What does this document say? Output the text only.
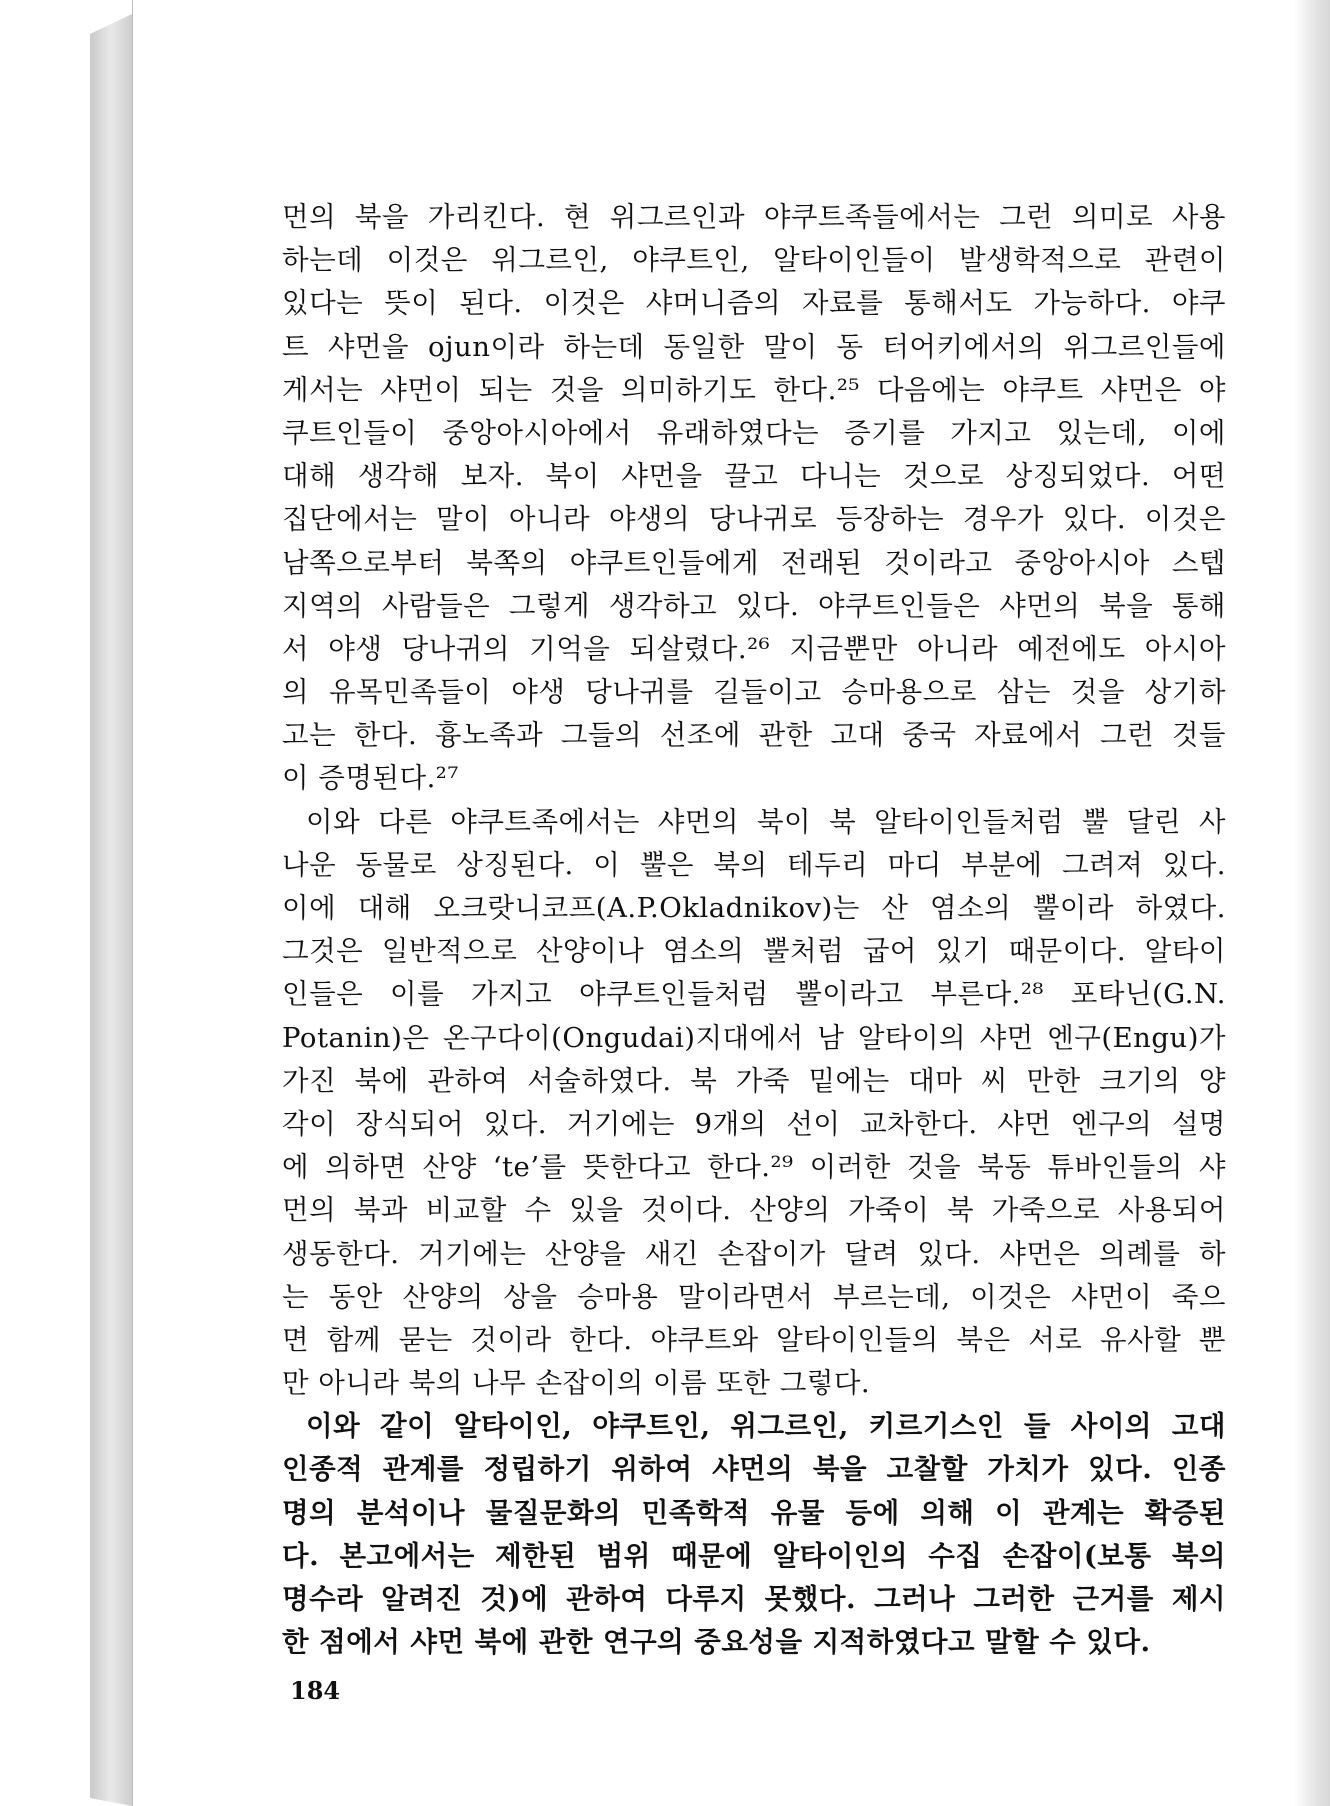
먼의 북을 가리킨다. 현 위그르인과 야쿠트족들에서는 그런 의미로 사용
하는데 이것은 위그르인, 야쿠트인, 알타이인들이 발생학적으로 관련이
있다는 뜻이 된다. 이것은 샤머니즘의 자료를 통해서도 가능하다. 야쿠
트 샤먼을 ojun이라 하는데 동일한 말이 동 터어키에서의 위그르인들에
게서는 샤먼이 되는 것을 의미하기도 한다.²⁵ 다음에는 야쿠트 샤먼은 야
쿠트인들이 중앙아시아에서 유래하였다는 증기를 가지고 있는데, 이에
대해 생각해 보자. 북이 샤먼을 끌고 다니는 것으로 상징되었다. 어떤
집단에서는 말이 아니라 야생의 당나귀로 등장하는 경우가 있다. 이것은
남쪽으로부터 북쪽의 야쿠트인들에게 전래된 것이라고 중앙아시아 스텝
지역의 사람들은 그렇게 생각하고 있다. 야쿠트인들은 샤먼의 북을 통해
서 야생 당나귀의 기억을 되살렸다.²⁶ 지금뿐만 아니라 예전에도 아시아
의 유목민족들이 야생 당나귀를 길들이고 승마용으로 삼는 것을 상기하
고는 한다. 흉노족과 그들의 선조에 관한 고대 중국 자료에서 그런 것들
이 증명된다.²⁷
이와 다른 야쿠트족에서는 샤먼의 북이 북 알타이인들처럼 뿔 달린 사
나운 동물로 상징된다. 이 뿔은 북의 테두리 마디 부분에 그려져 있다.
이에 대해 오크랏니코프(A.P.Okladnikov)는 산 염소의 뿔이라 하였다.
그것은 일반적으로 산양이나 염소의 뿔처럼 굽어 있기 때문이다. 알타이
인들은 이를 가지고 야쿠트인들처럼 뿔이라고 부른다.²⁸ 포타닌(G.N.
Potanin)은 온구다이(Ongudai)지대에서 남 알타이의 샤먼 엔구(Engu)가
가진 북에 관하여 서술하였다. 북 가죽 밑에는 대마 씨 만한 크기의 양
각이 장식되어 있다. 거기에는 9개의 선이 교차한다. 샤먼 엔구의 설명
에 의하면 산양 ‘te’를 뜻한다고 한다.²⁹ 이러한 것을 북동 튜바인들의 샤
먼의 북과 비교할 수 있을 것이다. 산양의 가죽이 북 가죽으로 사용되어
생동한다. 거기에는 산양을 새긴 손잡이가 달려 있다. 샤먼은 의례를 하
는 동안 산양의 상을 승마용 말이라면서 부르는데, 이것은 샤먼이 죽으
면 함께 묻는 것이라 한다. 야쿠트와 알타이인들의 북은 서로 유사할 뿐
만 아니라 북의 나무 손잡이의 이름 또한 그렇다.
이와 같이 알타이인, 야쿠트인, 위그르인, 키르기스인 들 사이의 고대
인종적 관계를 정립하기 위하여 샤먼의 북을 고찰할 가치가 있다. 인종
명의 분석이나 물질문화의 민족학적 유물 등에 의해 이 관계는 확증된
다. 본고에서는 제한된 범위 때문에 알타이인의 수집 손잡이(보통 북의
명수라 알려진 것)에 관하여 다루지 못했다. 그러나 그러한 근거를 제시
한 점에서 샤먼 북에 관한 연구의 중요성을 지적하였다고 말할 수 있다.
184
